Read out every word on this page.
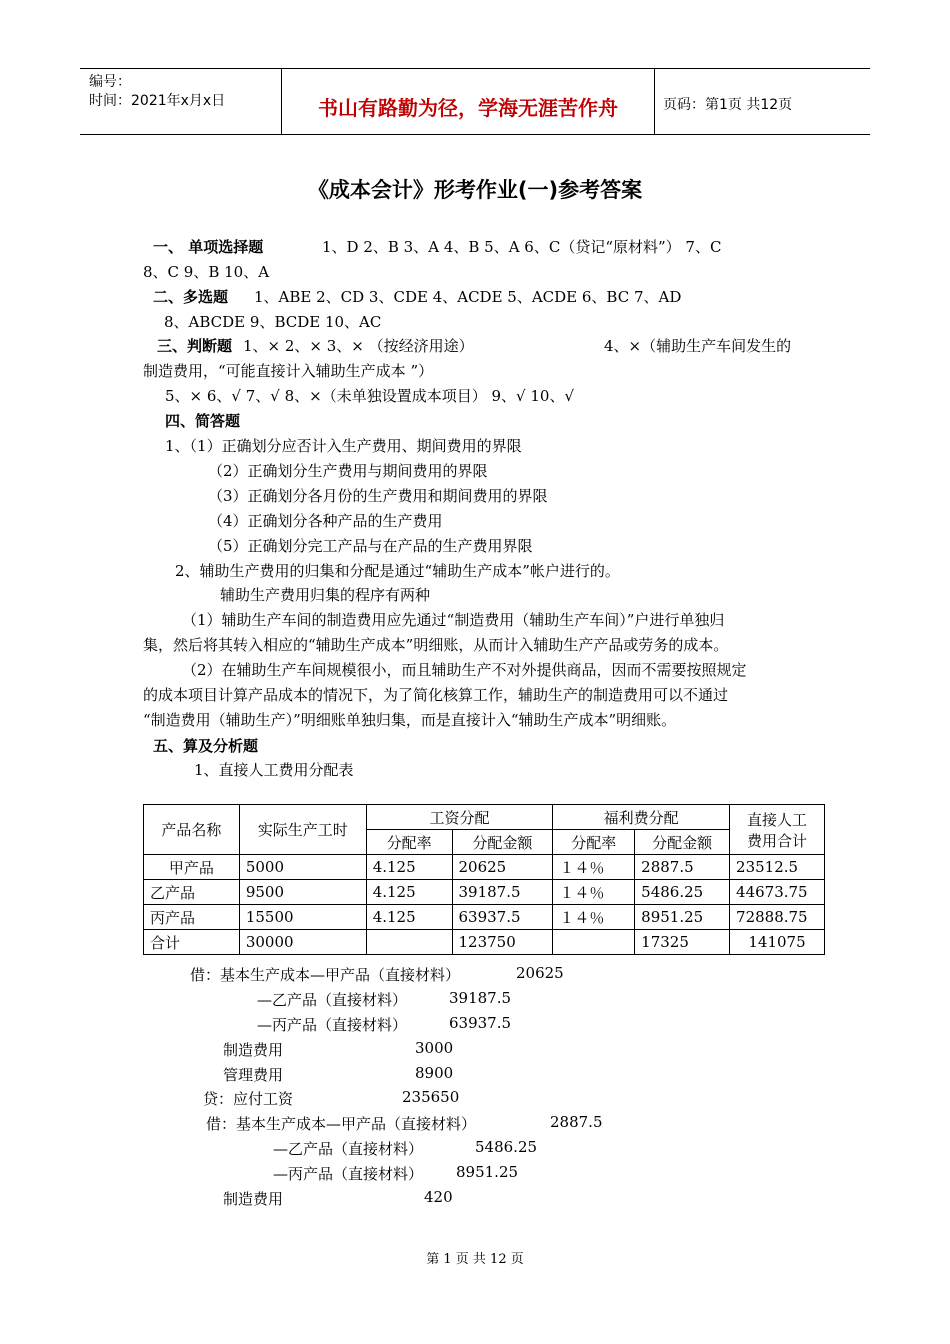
编号：
时间：2021年x月x日	书山有路勤为径，学海无涯苦作舟	页码：第1页 共12页
《成本会计》形考作业(一)参考答案
一、 单项选择题	1、D 2、B 3、A 4、B 5、A 6、C（贷记“原材料”） 7、C
8、C 9、B 10、A
二、多选题 1、ABE 2、CD 3、CDE 4、ACDE 5、ACDE 6、BC 7、AD
8、ABCDE 9、BCDE 10、AC
三、判断题 1、× 2、× 3、× （按经济用途）	4、×（辅助生产车间发生的
制造费用，“可能直接计入辅助生产成本 ”）
5、× 6、√ 7、√ 8、×（未单独设置成本项目） 9、√ 10、√
四、简答题
1、（1）正确划分应否计入生产费用、期间费用的界限
（2）正确划分生产费用与期间费用的界限
（3）正确划分各月份的生产费用和期间费用的界限
（4）正确划分各种产品的生产费用
（5）正确划分完工产品与在产品的生产费用界限
2、辅助生产费用的归集和分配是通过“辅助生产成本”帐户进行的。
辅助生产费用归集的程序有两种
（1）辅助生产车间的制造费用应先通过“制造费用（辅助生产车间）”户进行单独归
集，然后将其转入相应的“辅助生产成本”明细账，从而计入辅助生产产品或劳务的成本。
（2）在辅助生产车间规模很小，而且辅助生产不对外提供商品，因而不需要按照规定
的成本项目计算产品成本的情况下，为了简化核算工作，辅助生产的制造费用可以不通过
“制造费用（辅助生产）”明细账单独归集，而是直接计入“辅助生产成本”明细账。
五、算及分析题
1、直接人工费用分配表
产品名称	实际生产工时	工资分配		福利费分配		直接人工
费用合计

		分配率	分配金额	分配率	分配金额	
甲产品	5000	4.125	20625	１４％	2887.5	23512.5
乙产品	9500	4.125	39187.5	１４％	5486.25	44673.75
丙产品	15500	4.125	63937.5	１４％	8951.25	72888.75
合计	30000		123750		17325	141075
借：基本生产成本—甲产品（直接材料）	20625
—乙产品（直接材料）	39187.5
—丙产品（直接材料）	63937.5
制造费用	3000
管理费用	8900
贷：应付工资	235650
借：基本生产成本—甲产品（直接材料）	2887.5
—乙产品（直接材料）	5486.25
—丙产品（直接材料） 8951.25
制造费用	420
第 1 页 共 12 页
